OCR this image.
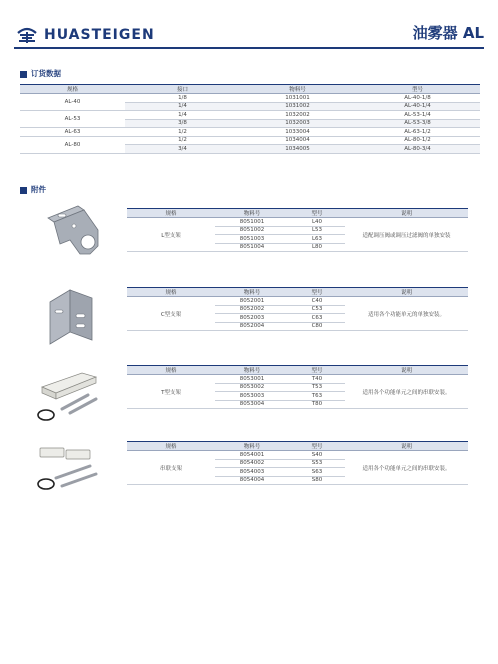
HUASTEIGEN	油雾器 AL
订货数据
规格	接口	物料号	型号
AL-40	1/8	1031001	AL-40-1/8
	1/4	1031002	AL-40-1/4
AL-53	1/4	1032002	AL-53-1/4
	3/8	1032003	AL-53-3/8
AL-63	1/2	1033004	AL-63-1/2
AL-80	1/2	1034004	AL-80-1/2
	3/4	1034005	AL-80-3/4
附件
规格	物料号	型号	说明
L型支架	8051001	L40	适配调压阀或调压过滤阀的单独安装
	8051002	L53	
	8051003	L63	
	8051004	L80	
规格	物料号	型号	说明
C型支架	8052001	C40	适用各个功能单元的单独安装。
	8052002	C53	
	8052003	C63	
	8052004	C80	
规格	物料号	型号	说明
T型支架	8053001	T40	适用各个功能单元之间的串联安装。
	8053002	T53	
	8053003	T63	
	8053004	T80	
规格	物料号	型号	说明
串联支架	8054001	S40	适用各个功能单元之间的串联安装。
	8054002	S53	
	8054003	S63	
	8054004	S80	
